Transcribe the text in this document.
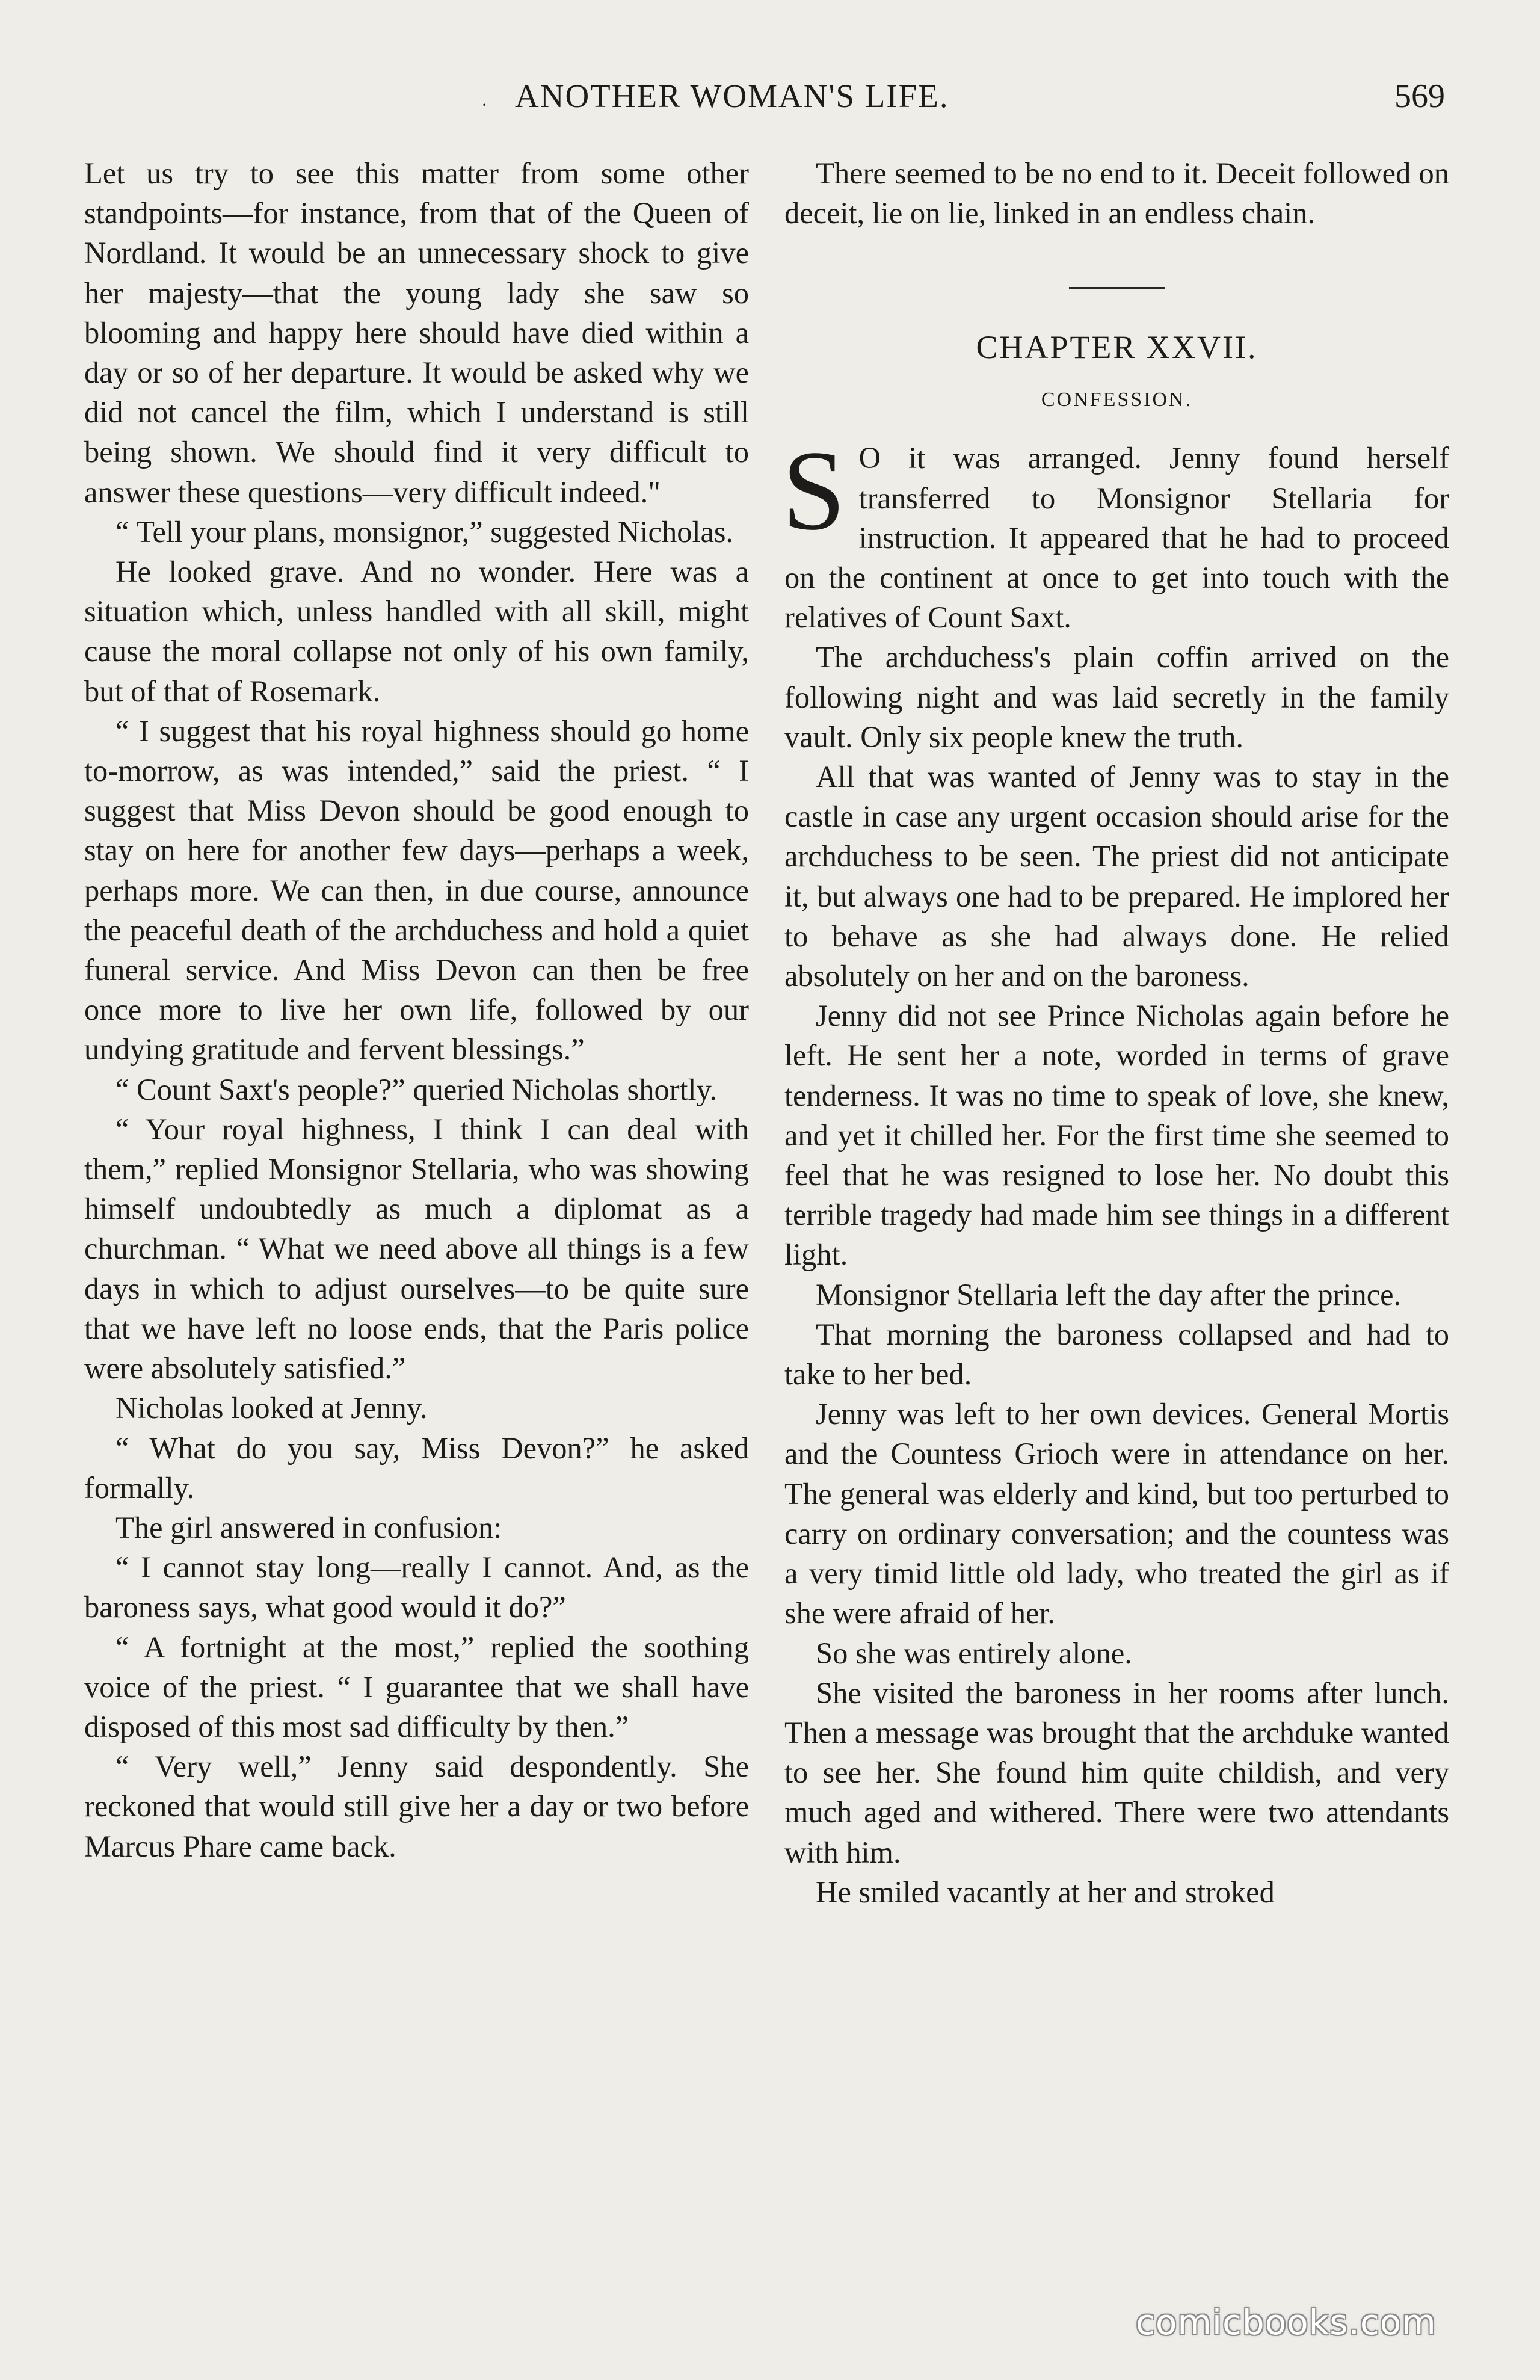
· ANOTHER WOMAN'S LIFE.	569

Let us try to see this matter from some other standpoints—for instance, from that of the Queen of Nordland. It would be an unnecessary shock to give her majesty—that the young lady she saw so blooming and happy here should have died within a day or so of her departure. It would be asked why we did not cancel the film, which I understand is still being shown. We should find it very difficult to answer these questions—very difficult indeed."

“ Tell your plans, monsignor,” suggested Nicholas.

He looked grave. And no wonder. Here was a situation which, unless handled with all skill, might cause the moral collapse not only of his own family, but of that of Rosemark.

“ I suggest that his royal highness should go home to-morrow, as was intended,” said the priest. “ I suggest that Miss Devon should be good enough to stay on here for another few days—perhaps a week, perhaps more. We can then, in due course, announce the peaceful death of the archduchess and hold a quiet funeral service. And Miss Devon can then be free once more to live her own life, followed by our undying gratitude and fervent blessings.”

“ Count Saxt's people?” queried Nicholas shortly.

“ Your royal highness, I think I can deal with them,” replied Monsignor Stellaria, who was showing himself undoubtedly as much a diplomat as a churchman. “ What we need above all things is a few days in which to adjust ourselves—to be quite sure that we have left no loose ends, that the Paris police were absolutely satisfied.”

Nicholas looked at Jenny.

“ What do you say, Miss Devon?” he asked formally.

The girl answered in confusion:

“ I cannot stay long—really I cannot. And, as the baroness says, what good would it do?”

“ A fortnight at the most,” replied the soothing voice of the priest. “ I guarantee that we shall have disposed of this most sad difficulty by then.”

“ Very well,” Jenny said despondently. She reckoned that would still give her a day or two before Marcus Phare came back.

There seemed to be no end to it. Deceit followed on deceit, lie on lie, linked in an endless chain.

CHAPTER XXVII.
CONFESSION.

S O it was arranged. Jenny found herself transferred to Monsignor Stellaria for instruction. It appeared that he had to proceed on the continent at once to get into touch with the relatives of Count Saxt.

The archduchess's plain coffin arrived on the following night and was laid secretly in the family vault. Only six people knew the truth.

All that was wanted of Jenny was to stay in the castle in case any urgent occasion should arise for the archduchess to be seen. The priest did not anticipate it, but always one had to be prepared. He implored her to behave as she had always done. He relied absolutely on her and on the baroness.

Jenny did not see Prince Nicholas again before he left. He sent her a note, worded in terms of grave tenderness. It was no time to speak of love, she knew, and yet it chilled her. For the first time she seemed to feel that he was resigned to lose her. No doubt this terrible tragedy had made him see things in a different light.

Monsignor Stellaria left the day after the prince.

That morning the baroness collapsed and had to take to her bed.

Jenny was left to her own devices. General Mortis and the Countess Grioch were in attendance on her. The general was elderly and kind, but too perturbed to carry on ordinary conversation; and the countess was a very timid little old lady, who treated the girl as if she were afraid of her.

So she was entirely alone.

She visited the baroness in her rooms after lunch. Then a message was brought that the archduke wanted to see her. She found him quite childish, and very much aged and withered. There were two attendants with him.

He smiled vacantly at her and stroked

comicbooks.com
